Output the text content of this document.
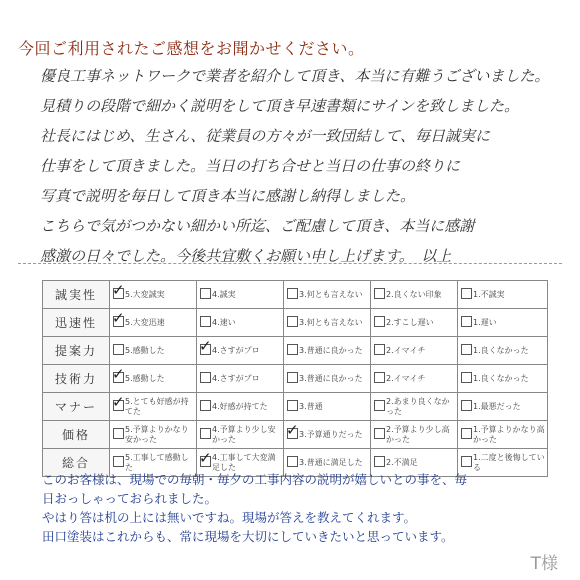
今回ご利用されたご感想をお聞かせください。
優良工事ネットワークで業者を紹介して頂き、本当に有難うございました。
見積りの段階で細かく説明をして頂き早速書類にサインを致しました。
社長にはじめ、生さん、従業員の方々が一致団結して、毎日誠実に
仕事をして頂きました。当日の打ち合せと当日の仕事の終りに
写真で説明を毎日して頂き本当に感謝し納得しました。
こちらで気がつかない細かい所迄、ご配慮して頂き、本当に感謝
感激の日々でした。今後共宜敷くお願い申し上げます。　以上
誠実性	✓ 5.大変誠実	4.誠実	3.何とも言えない	2.良くない印象	1.不誠実

迅速性	✓ 5.大変迅速	4.速い	3.何とも言えない	2.すこし遅い	1.遅い

提案力	5.感動した	✓ 4.さすがプロ	3.普通に良かった	2.イマイチ	1.良くなかった

技術力	✓ 5.感動した	4.さすがプロ	3.普通に良かった	2.イマイチ	1.良くなかった

マナー	✓ 5.とても好感が持てた	4.好感が持てた	3.普通	2.あまり良くなかった	1.最悪だった

価格	5.予算よりかなり安かった	4.予算より少し安かった	✓ 3.予算通りだった	2.予算より少し高かった	1.予算よりかなり高かった

総合	5.工事して感動した	✓ 4.工事して大変満足した	3.普通に満足した	2.不満足	1.二度と後悔している
このお客様は、現場での毎朝・毎夕の工事内容の説明が嬉しいとの事を、毎
日おっしゃっておられました。
やはり答は机の上には無いですね。現場が答えを教えてくれます。
田口塗装はこれからも、常に現場を大切にしていきたいと思っています。
T様
